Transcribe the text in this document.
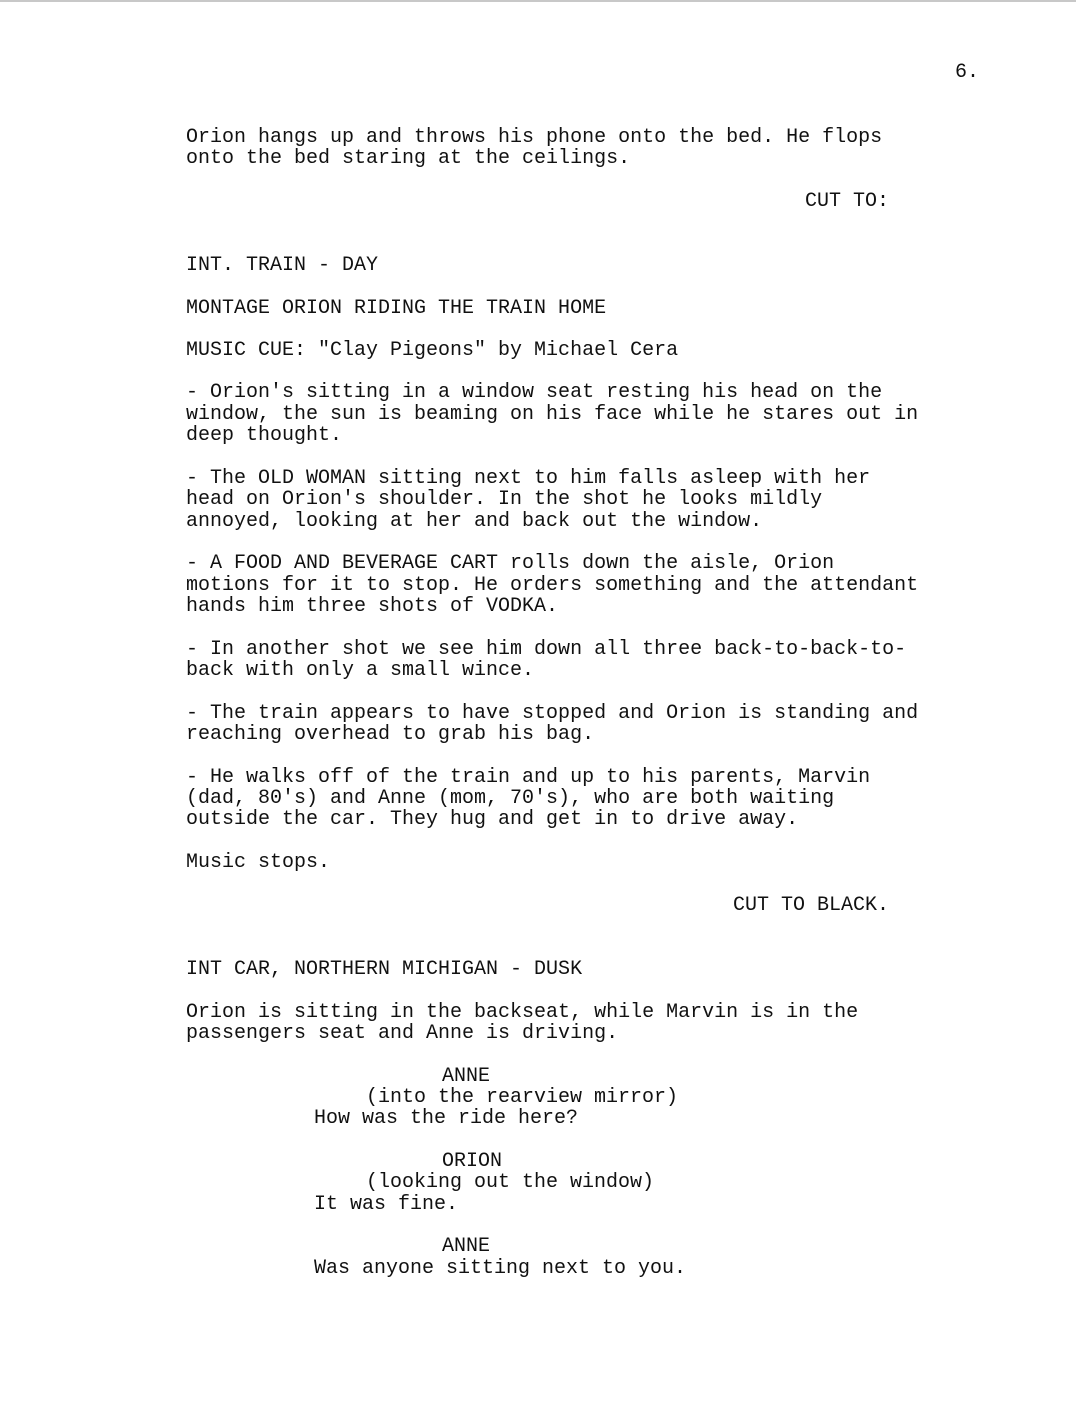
6.
Orion hangs up and throws his phone onto the bed. He flops
onto the bed staring at the ceilings.
CUT TO:
INT. TRAIN - DAY
MONTAGE ORION RIDING THE TRAIN HOME
MUSIC CUE: "Clay Pigeons" by Michael Cera
- Orion's sitting in a window seat resting his head on the
window, the sun is beaming on his face while he stares out in
deep thought.
- The OLD WOMAN sitting next to him falls asleep with her
head on Orion's shoulder. In the shot he looks mildly
annoyed, looking at her and back out the window.
- A FOOD AND BEVERAGE CART rolls down the aisle, Orion
motions for it to stop. He orders something and the attendant
hands him three shots of VODKA.
- In another shot we see him down all three back-to-back-to-
back with only a small wince.
- The train appears to have stopped and Orion is standing and
reaching overhead to grab his bag.
- He walks off of the train and up to his parents, Marvin
(dad, 80's) and Anne (mom, 70's), who are both waiting
outside the car. They hug and get in to drive away.
Music stops.
CUT TO BLACK.
INT CAR, NORTHERN MICHIGAN - DUSK
Orion is sitting in the backseat, while Marvin is in the
passengers seat and Anne is driving.
ANNE
(into the rearview mirror)
How was the ride here?
ORION
(looking out the window)
It was fine.
ANNE
Was anyone sitting next to you.
